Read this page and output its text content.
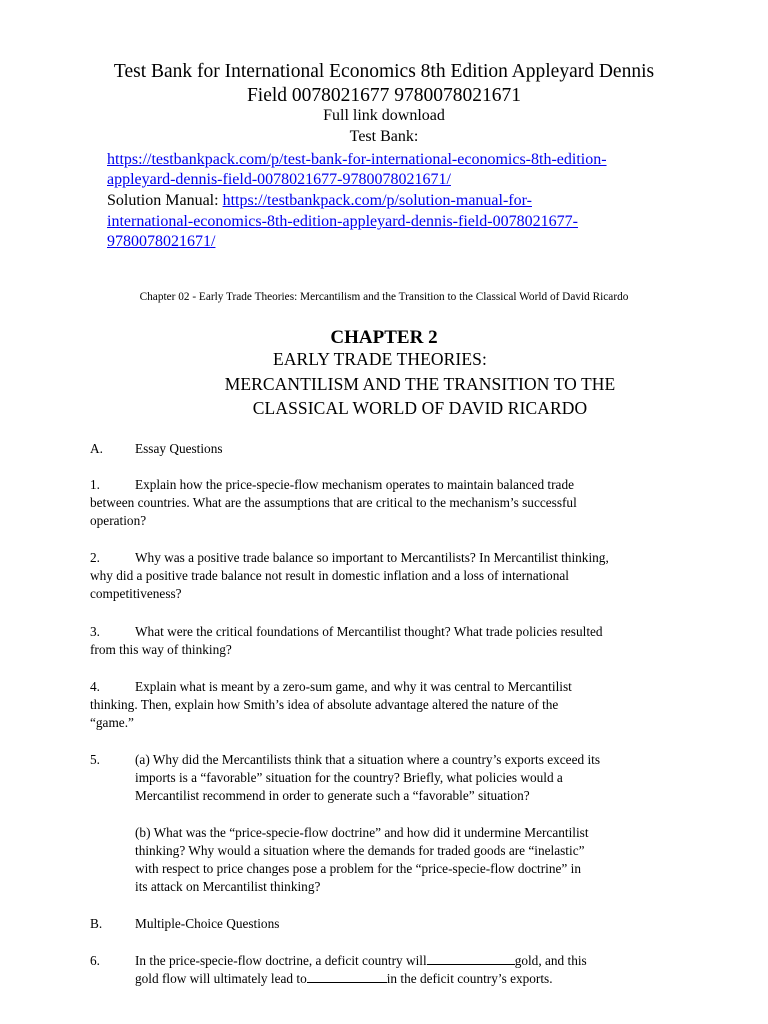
Test Bank for International Economics 8th Edition Appleyard Dennis
Field 0078021677 9780078021671
Full link download
Test Bank:
https://testbankpack.com/p/test-bank-for-international-economics-8th-edition-
appleyard-dennis-field-0078021677-9780078021671/
Solution Manual: https://testbankpack.com/p/solution-manual-for-
international-economics-8th-edition-appleyard-dennis-field-0078021677-
9780078021671/
Chapter 02 - Early Trade Theories: Mercantilism and the Transition to the Classical World of David Ricardo
CHAPTER 2
EARLY TRADE THEORIES:
MERCANTILISM AND THE TRANSITION TO THE
CLASSICAL WORLD OF DAVID RICARDO
A.	Essay Questions
1.	Explain how the price-specie-flow mechanism operates to maintain balanced trade
between countries. What are the assumptions that are critical to the mechanism’s successful
operation?
2.	Why was a positive trade balance so important to Mercantilists? In Mercantilist thinking,
why did a positive trade balance not result in domestic inflation and a loss of international
competitiveness?
3.	What were the critical foundations of Mercantilist thought? What trade policies resulted
from this way of thinking?
4.	Explain what is meant by a zero-sum game, and why it was central to Mercantilist
thinking. Then, explain how Smith’s idea of absolute advantage altered the nature of the
“game.”
5.	(a) Why did the Mercantilists think that a situation where a country’s exports exceed its
imports is a “favorable” situation for the country? Briefly, what policies would a
Mercantilist recommend in order to generate such a “favorable” situation?
(b) What was the “price-specie-flow doctrine” and how did it undermine Mercantilist
thinking? Why would a situation where the demands for traded goods are “inelastic”
with respect to price changes pose a problem for the “price-specie-flow doctrine” in
its attack on Mercantilist thinking?
B.	Multiple-Choice Questions
6.	In the price-specie-flow doctrine, a deficit country will	gold, and this
gold flow will ultimately lead to	in the deficit country’s exports.
